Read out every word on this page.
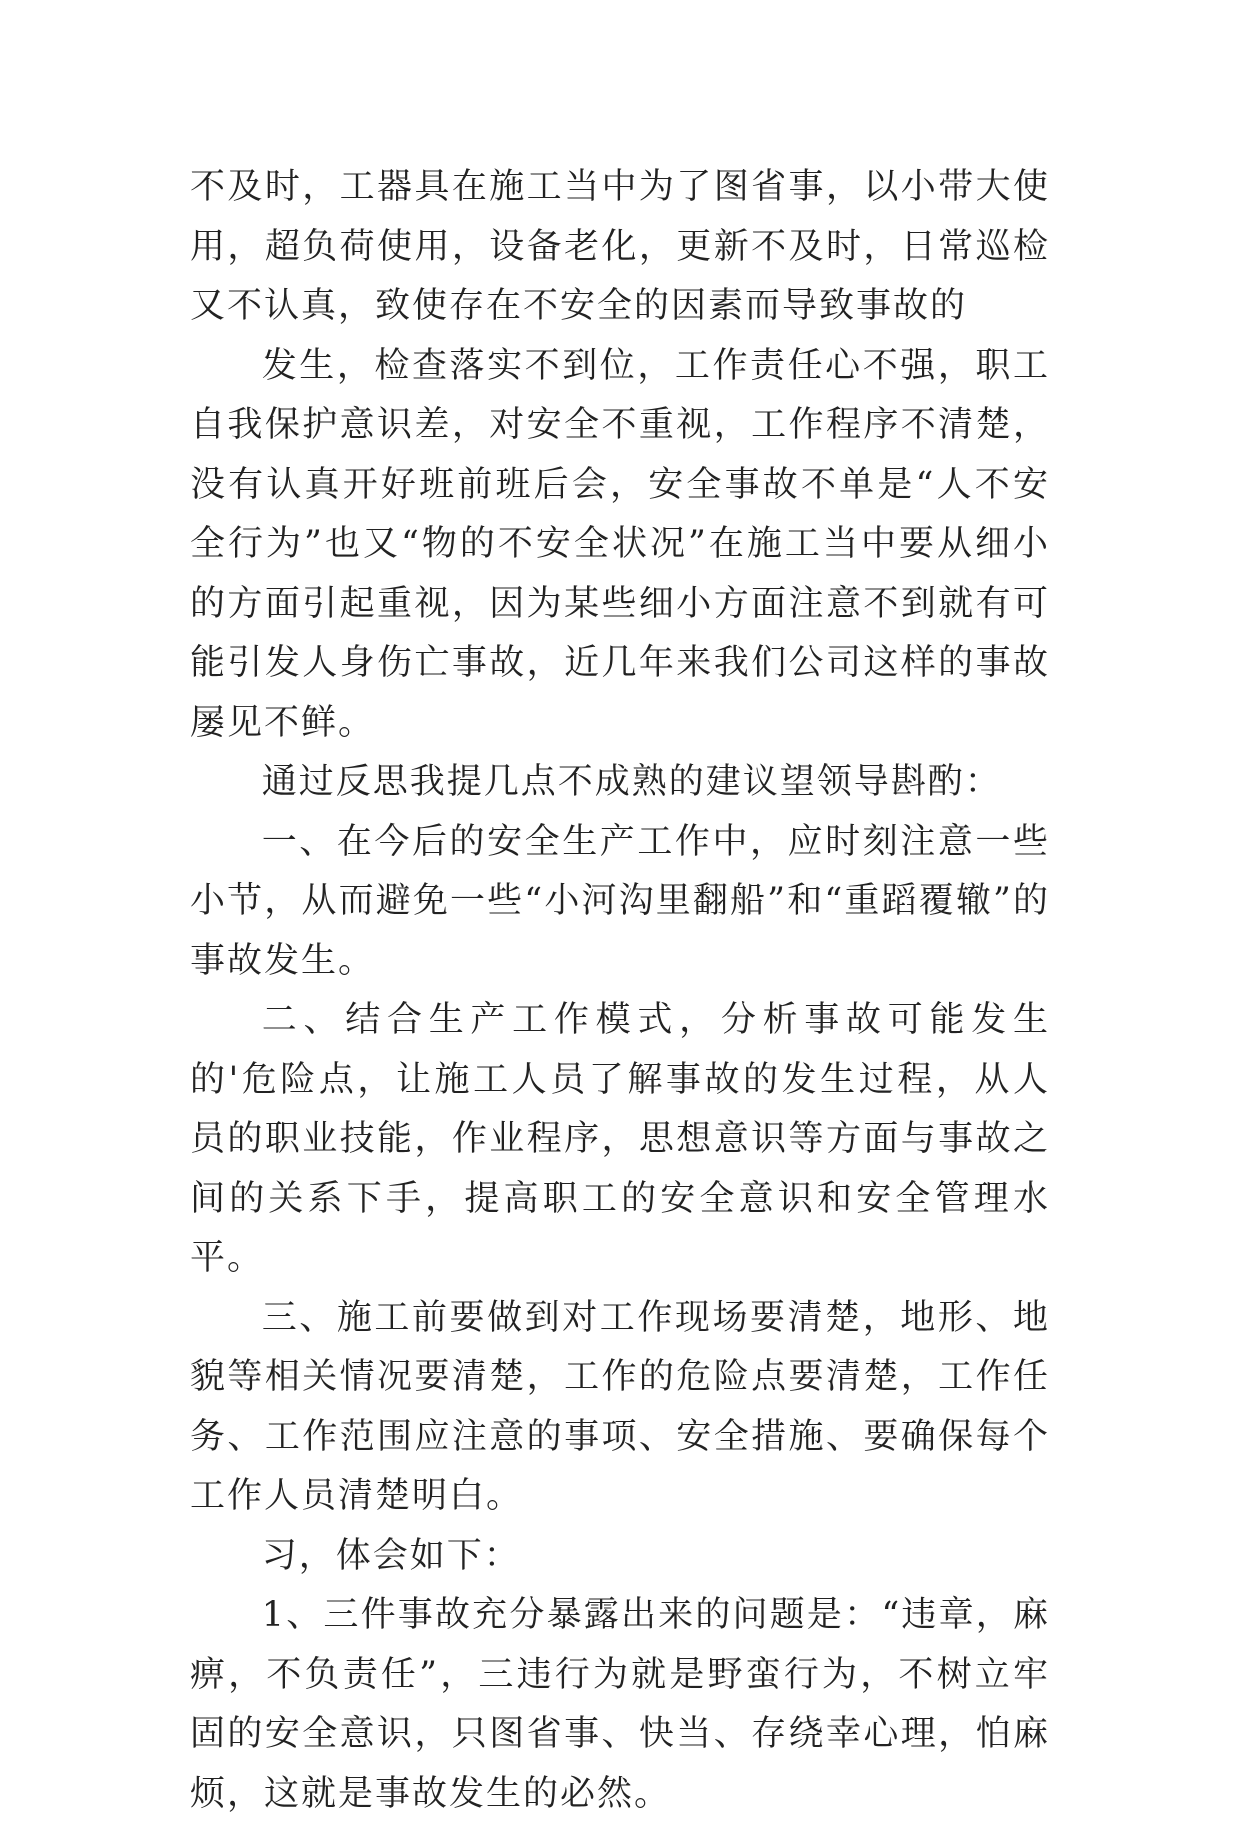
不及时，工器具在施工当中为了图省事，以小带大使用，超负荷使用，设备老化，更新不及时，日常巡检又不认真，致使存在不安全的因素而导致事故的

发生，检查落实不到位，工作责任心不强，职工自我保护意识差，对安全不重视，工作程序不清楚，没有认真开好班前班后会，安全事故不单是“人不安全行为”也又“物的不安全状况”在施工当中要从细小的方面引起重视，因为某些细小方面注意不到就有可能引发人身伤亡事故，近几年来我们公司这样的事故屡见不鲜。

通过反思我提几点不成熟的建议望领导斟酌：

一、在今后的安全生产工作中，应时刻注意一些小节，从而避免一些“小河沟里翻船”和“重蹈覆辙”的事故发生。

二、结合生产工作模式，分析事故可能发生的'危险点，让施工人员了解事故的发生过程，从人员的职业技能，作业程序，思想意识等方面与事故之间的关系下手，提高职工的安全意识和安全管理水平。

三、施工前要做到对工作现场要清楚，地形、地貌等相关情况要清楚，工作的危险点要清楚，工作任务、工作范围应注意的事项、安全措施、要确保每个工作人员清楚明白。

习，体会如下：

1、三件事故充分暴露出来的问题是：“违章，麻痹，不负责任”，三违行为就是野蛮行为，不树立牢固的安全意识，只图省事、快当、存绕幸心理，怕麻烦，这就是事故发生的必然。
